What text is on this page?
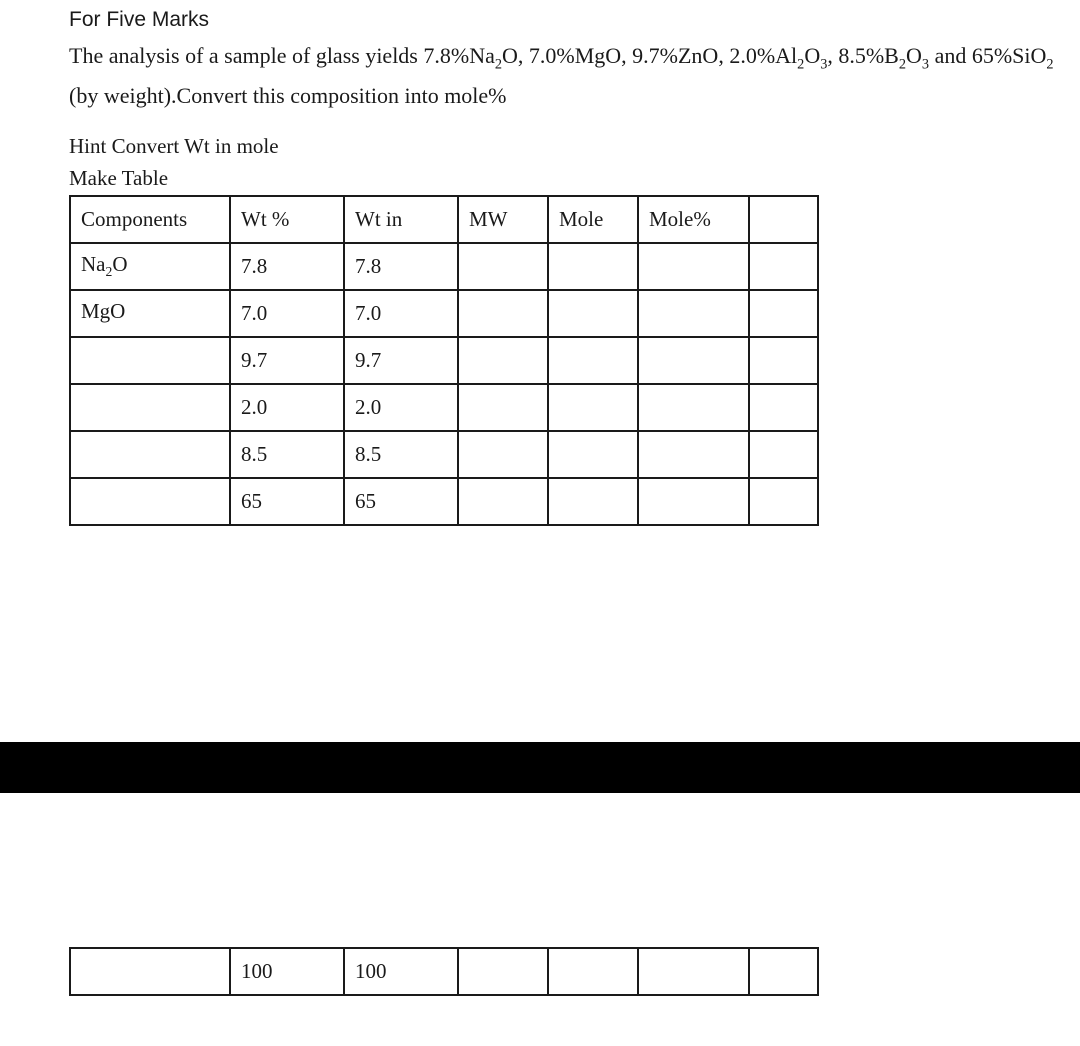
For Five Marks

The analysis of a sample of glass yields $7.8\%Na_2O$, 7.0%MgO, 9.7%ZnO, $2.0\%Al_2O_3$, $8.5\%B_2O_3$ and 65%SiO$_2$ (by weight).Convert this composition into mole%

Hint Convert Wt in mole

Make Table

Components	Wt %	Wt in	MW	Mole	Mole%	
$Na_2O$	7.8	7.8				
MgO	7.0	7.0				
	9.7	9.7				
	2.0	2.0				
	8.5	8.5				
	65	65				
	100	100				
